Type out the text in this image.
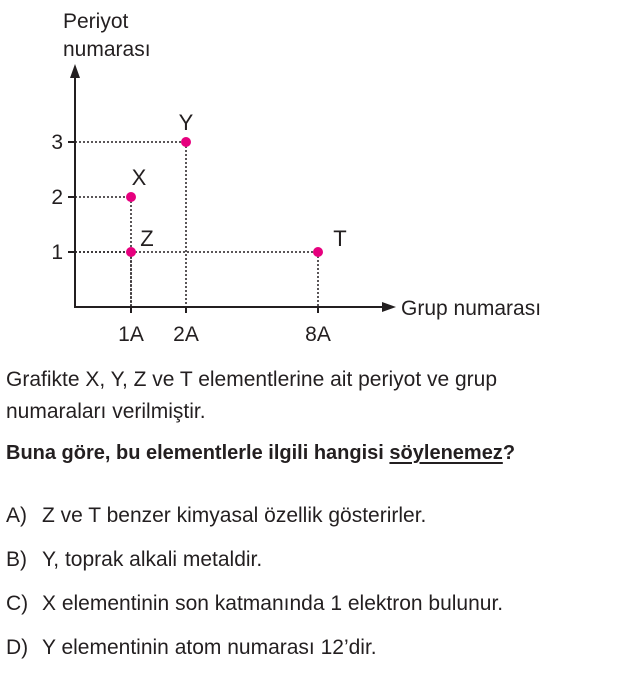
Periyot
numarası
Grup numarası
1
2
3
1A 2A	8A
X
Y
Z	T
Grafikte X, Y, Z ve T elementlerine ait periyot ve grup
numaraları verilmiştir.
Buna göre, bu elementlerle ilgili hangisi söylenemez?
A) Z ve T benzer kimyasal özellik gösterirler.
B) Y, toprak alkali metaldir.
C) X elementinin son katmanında 1 elektron bulunur.
D) Y elementinin atom numarası 12’dir.
